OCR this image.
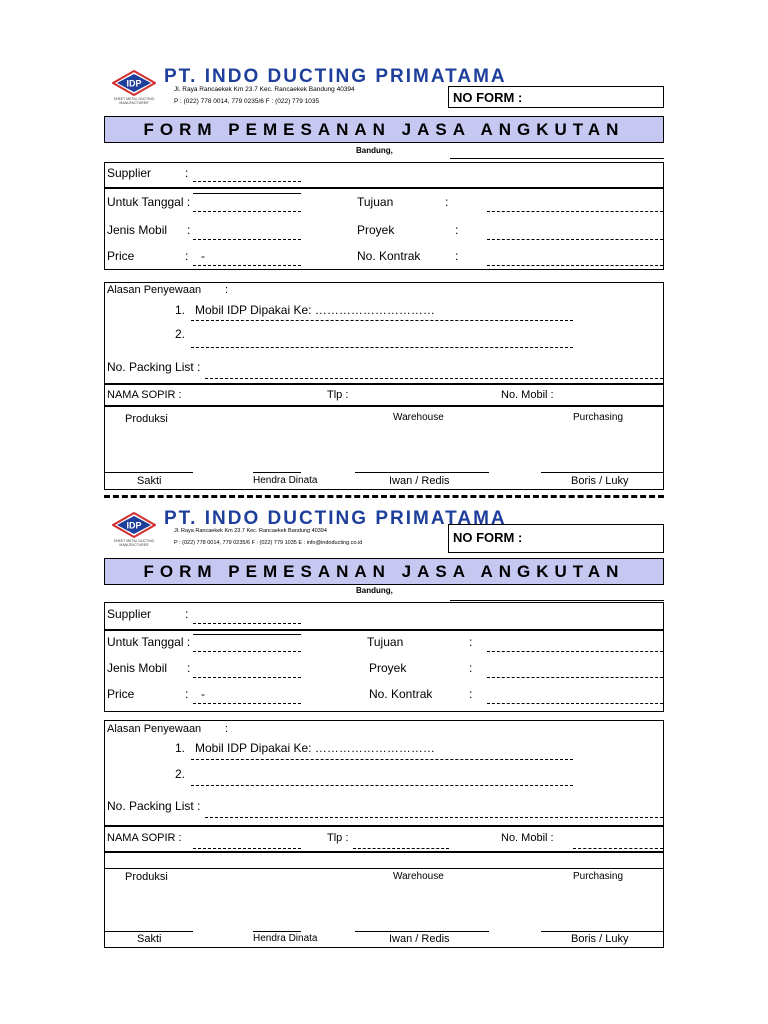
IDP
SHEET METAL DUCTING MANUFACTURER
PT. INDO DUCTING PRIMATAMA
Jl. Raya Rancaekek Km 23.7 Kec. Rancaekek Bandung 40394
P : (022) 778 0014, 779 0235/6 F : (022) 779 1035	NO FORM :
FORM PEMESANAN JASA ANGKUTAN
Bandung,
Supplier	:
Untuk Tanggal :	Tujuan	:
Jenis Mobil :	Proyek	:
Price	: -	No. Kontrak	:
Alasan Penyewaan :
1. Mobil IDP Dipakai Ke: …………………………
2.
No. Packing List :
NAMA SOPIR :	Tlp :	No. Mobil :
Produksi	Warehouse	Purchasing
Sakti	Hendra Dinata	Iwan / Redis	Boris / Luky
IDP
SHEET METAL DUCTING MANUFACTURER
PT. INDO DUCTING PRIMATAMA
Jl. Raya Rancaekek Km 23.7 Kec. Rancaekek Bandung 40394
P : (022) 778 0014, 779 0235/6 F : (022) 779 1035 E : info@indoducting.co.id	NO FORM :
FORM PEMESANAN JASA ANGKUTAN
Bandung,
Supplier	:
Untuk Tanggal :	Tujuan	:
Jenis Mobil :	Proyek	:
Price	: -	No. Kontrak	:
Alasan Penyewaan :
1. Mobil IDP Dipakai Ke: …………………………
2.
No. Packing List :
NAMA SOPIR :	Tlp :	No. Mobil :
Produksi	Warehouse	Purchasing
Sakti	Hendra Dinata	Iwan / Redis	Boris / Luky
